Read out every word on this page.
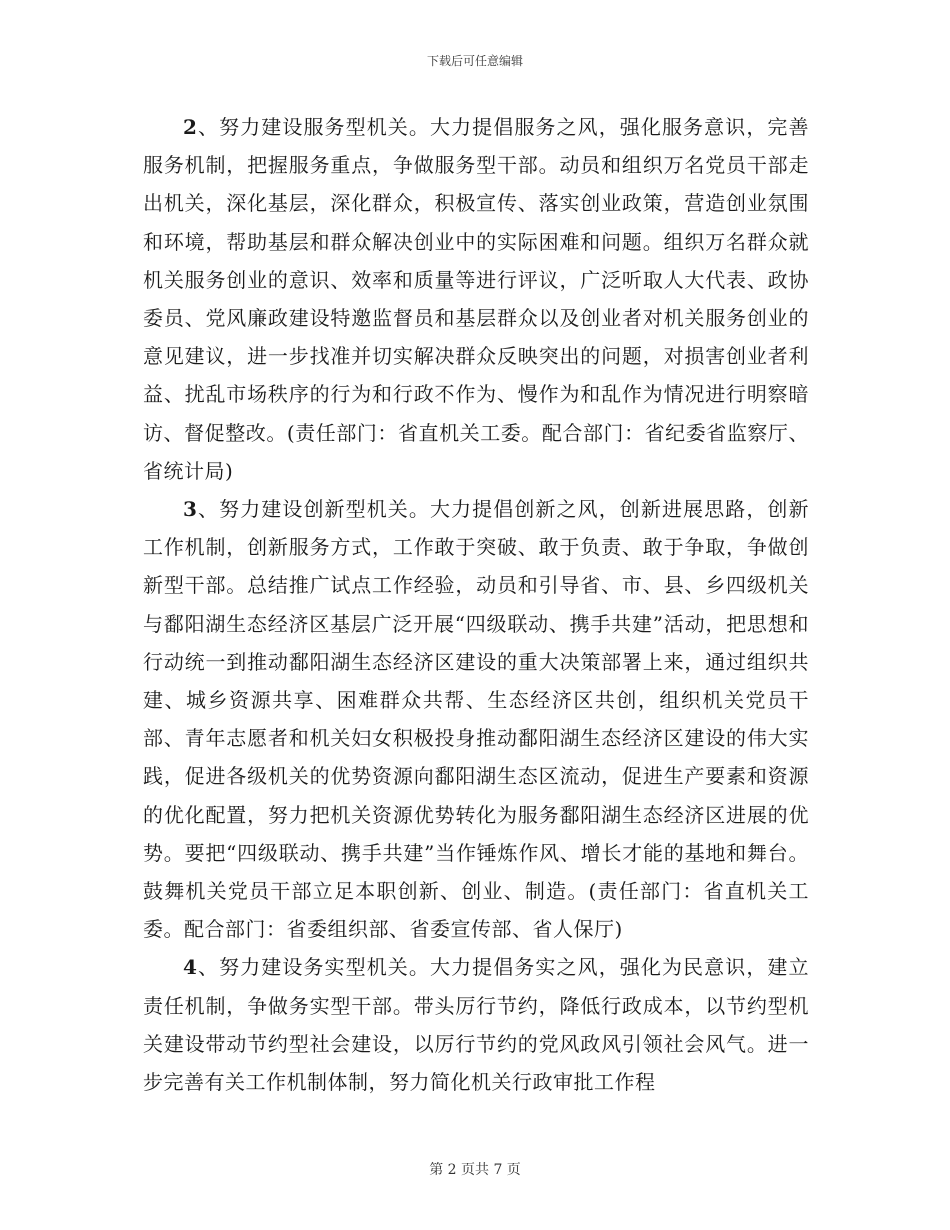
下载后可任意编辑

2、努力建设服务型机关。大力提倡服务之风，强化服务意识，完善服务机制，把握服务重点，争做服务型干部。动员和组织万名党员干部走出机关，深化基层，深化群众，积极宣传、落实创业政策，营造创业氛围和环境，帮助基层和群众解决创业中的实际困难和问题。组织万名群众就机关服务创业的意识、效率和质量等进行评议，广泛听取人大代表、政协委员、党风廉政建设特邀监督员和基层群众以及创业者对机关服务创业的意见建议，进一步找准并切实解决群众反映突出的问题，对损害创业者利益、扰乱市场秩序的行为和行政不作为、慢作为和乱作为情况进行明察暗访、督促整改。(责任部门：省直机关工委。配合部门：省纪委省监察厅、省统计局)

3、努力建设创新型机关。大力提倡创新之风，创新进展思路，创新工作机制，创新服务方式，工作敢于突破、敢于负责、敢于争取，争做创新型干部。总结推广试点工作经验，动员和引导省、市、县、乡四级机关与鄱阳湖生态经济区基层广泛开展“四级联动、携手共建”活动，把思想和行动统一到推动鄱阳湖生态经济区建设的重大决策部署上来，通过组织共建、城乡资源共享、困难群众共帮、生态经济区共创，组织机关党员干部、青年志愿者和机关妇女积极投身推动鄱阳湖生态经济区建设的伟大实践，促进各级机关的优势资源向鄱阳湖生态区流动，促进生产要素和资源的优化配置，努力把机关资源优势转化为服务鄱阳湖生态经济区进展的优势。要把“四级联动、携手共建”当作锤炼作风、增长才能的基地和舞台。鼓舞机关党员干部立足本职创新、创业、制造。(责任部门：省直机关工委。配合部门：省委组织部、省委宣传部、省人保厅)

4、努力建设务实型机关。大力提倡务实之风，强化为民意识，建立责任机制，争做务实型干部。带头厉行节约，降低行政成本，以节约型机关建设带动节约型社会建设，以厉行节约的党风政风引领社会风气。进一步完善有关工作机制体制，努力简化机关行政审批工作程

第 2 页共 7 页
